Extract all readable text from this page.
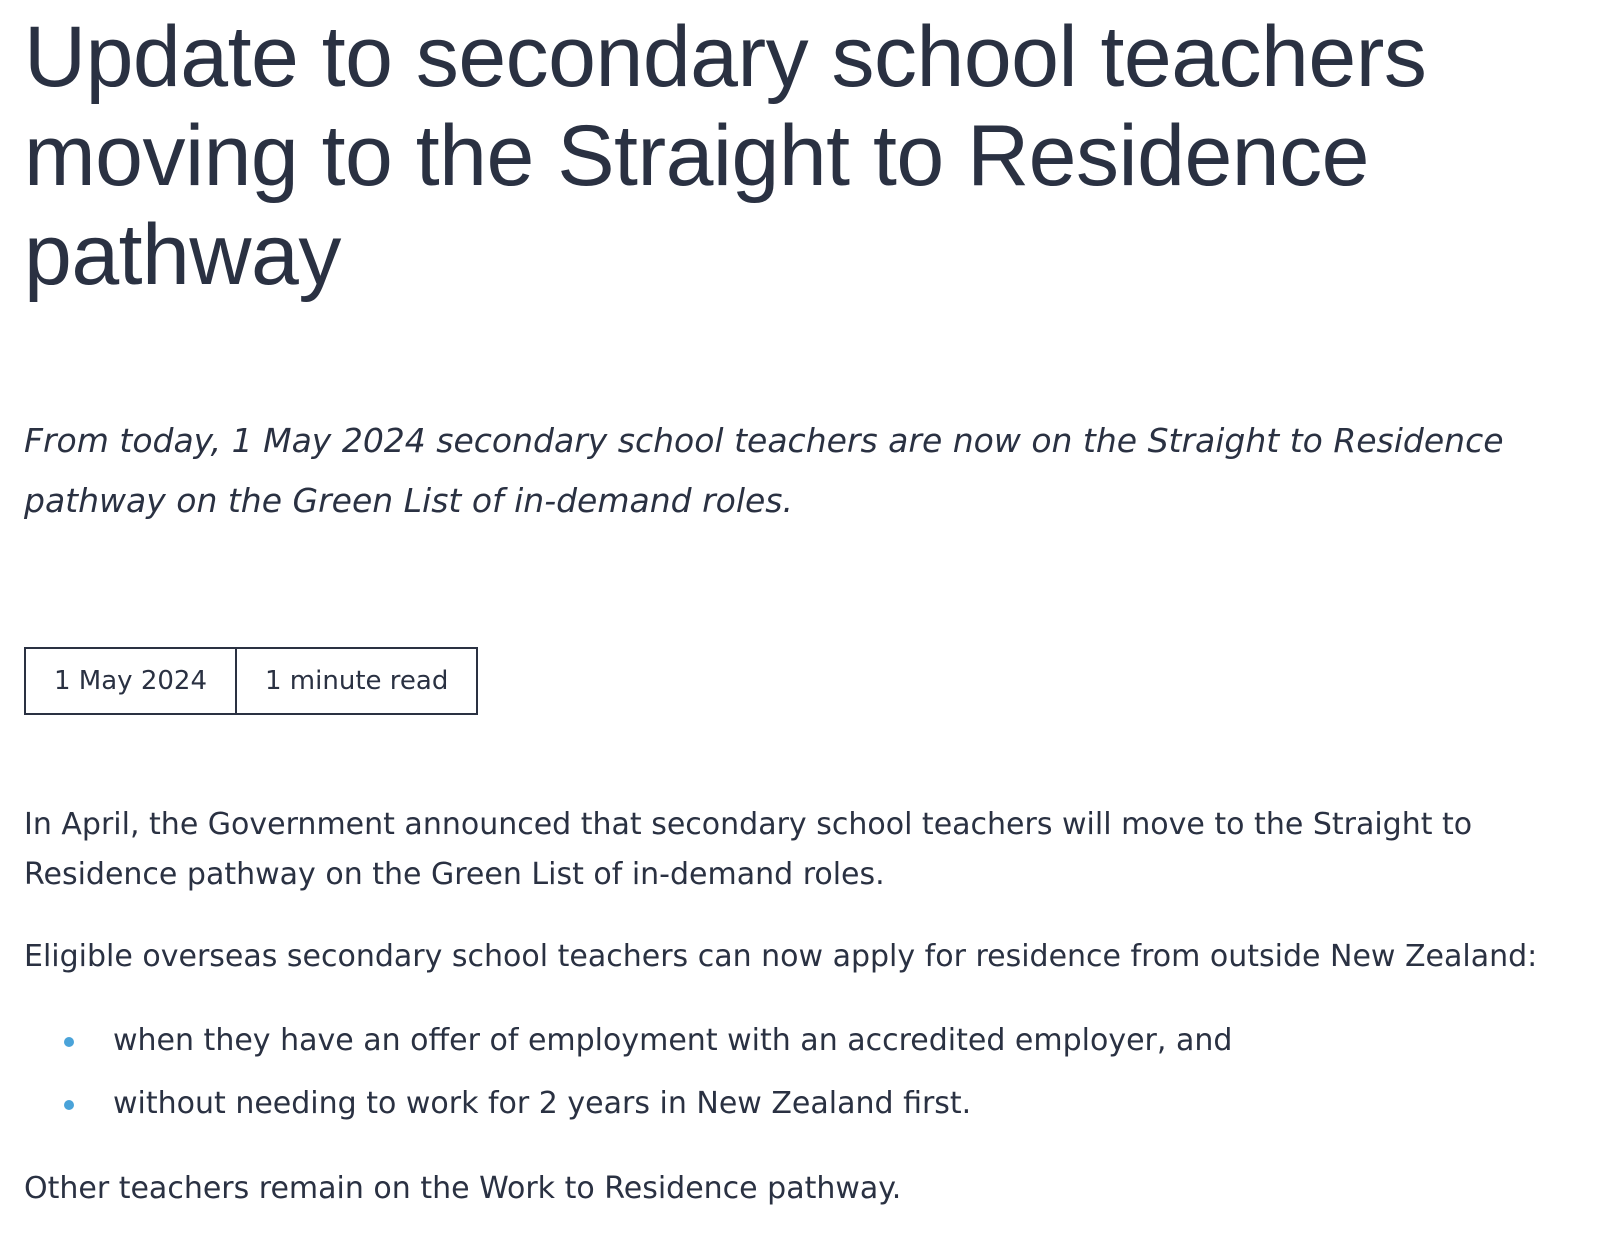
Update to secondary school teachers moving to the Straight to Residence pathway

From today, 1 May 2024 secondary school teachers are now on the Straight to Residence pathway on the Green List of in-demand roles.

1 May 2024	1 minute read

In April, the Government announced that secondary school teachers will move to the Straight to Residence pathway on the Green List of in-demand roles.

Eligible overseas secondary school teachers can now apply for residence from outside New Zealand:

when they have an offer of employment with an accredited employer, and
without needing to work for 2 years in New Zealand first.

Other teachers remain on the Work to Residence pathway.
